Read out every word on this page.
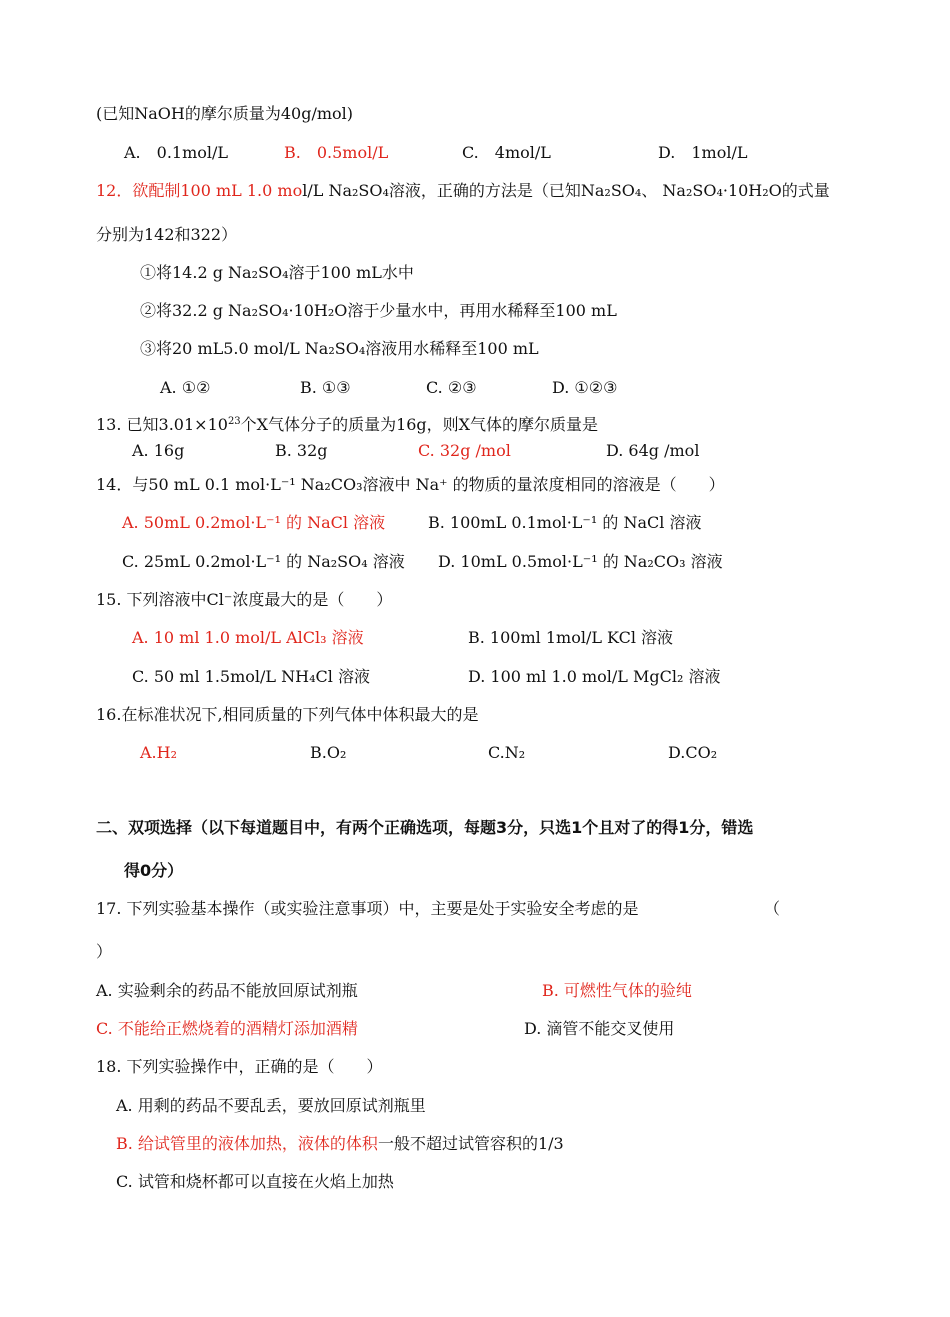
(已知NaOH的摩尔质量为40g/mol)
A.　0.1mol/L	B.　0.5mol/L	C.　4mol/L	D.　1mol/L
12．欲配制100 mL 1.0 mol/L Na₂SO₄溶液，正确的方法是（已知Na₂SO₄、 Na₂SO₄·10H₂O的式量
分别为142和322）
①将14.2 g Na₂SO₄溶于100 mL水中
②将32.2 g Na₂SO₄·10H₂O溶于少量水中，再用水稀释至100 mL
③将20 mL5.0 mol/L Na₂SO₄溶液用水稀释至100 mL
A. ①②	B. ①③	C. ②③	D. ①②③
13. 已知$3.01\times 10^{23}$个X气体分子的质量为16g，则X气体的摩尔质量是
A. 16g	B. 32g	C. 32g /mol	D. 64g /mol
14．与50 mL 0.1 mol·L⁻¹ Na₂CO₃溶液中 Na⁺ 的物质的量浓度相同的溶液是（　　）
A. 50mL 0.2mol·L⁻¹ 的 NaCl 溶液	B. 100mL 0.1mol·L⁻¹ 的 NaCl 溶液
C. 25mL 0.2mol·L⁻¹ 的 Na₂SO₄ 溶液 D. 10mL 0.5mol·L⁻¹ 的 Na₂CO₃ 溶液
15. 下列溶液中Cl⁻浓度最大的是（　　）
A. 10 ml 1.0 mol/L AlCl₃ 溶液	B. 100ml 1mol/L KCl 溶液
C. 50 ml 1.5mol/L NH₄Cl 溶液	D. 100 ml 1.0 mol/L MgCl₂ 溶液
16.在标准状况下,相同质量的下列气体中体积最大的是
A.H₂	B.O₂	C.N₂	D.CO₂
二、双项选择（以下每道题目中，有两个正确选项，每题3分，只选1个且对了的得1分，错选
得0分）
17. 下列实验基本操作（或实验注意事项）中，主要是处于实验安全考虑的是	（
）
A. 实验剩余的药品不能放回原试剂瓶	B. 可燃性气体的验纯
C. 不能给正燃烧着的酒精灯添加酒精	D. 滴管不能交叉使用
18. 下列实验操作中，正确的是（　　）
A. 用剩的药品不要乱丢，要放回原试剂瓶里
B. 给试管里的液体加热，液体的体积一般不超过试管容积的1/3
C. 试管和烧杯都可以直接在火焰上加热
